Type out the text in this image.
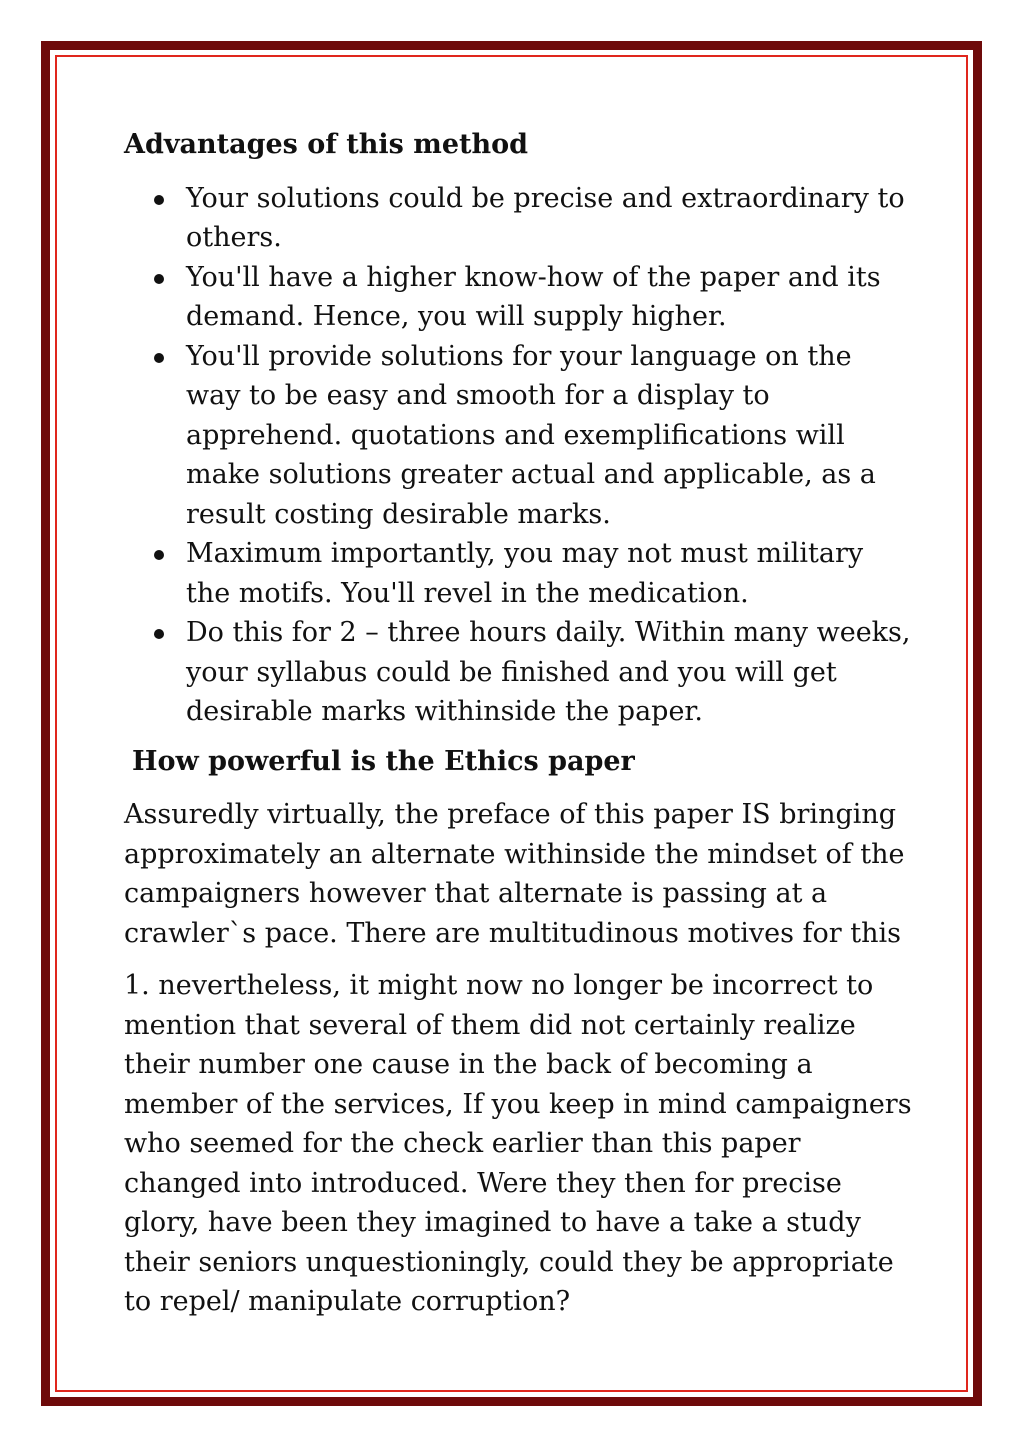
Advantages of this method
Your solutions could be precise and extraordinary to others.
You'll have a higher know-how of the paper and its demand. Hence, you will supply higher.
You'll provide solutions for your language on the way to be easy and smooth for a display to apprehend. quotations and exemplifications will make solutions greater actual and applicable, as a result costing desirable marks.
Maximum importantly, you may not must military the motifs. You'll revel in the medication.
Do this for 2 – three hours daily. Within many weeks, your syllabus could be finished and you will get desirable marks withinside the paper.
How powerful is the Ethics paper

Assuredly virtually, the preface of this paper IS bringing approximately an alternate withinside the mindset of the campaigners however that alternate is passing at a crawler`s pace. There are multitudinous motives for this

1. nevertheless, it might now no longer be incorrect to mention that several of them did not certainly realize their number one cause in the back of becoming a member of the services, If you keep in mind campaigners who seemed for the check earlier than this paper changed into introduced. Were they then for precise glory, have been they imagined to have a take a study their seniors unquestioningly, could they be appropriate to repel/ manipulate corruption?
